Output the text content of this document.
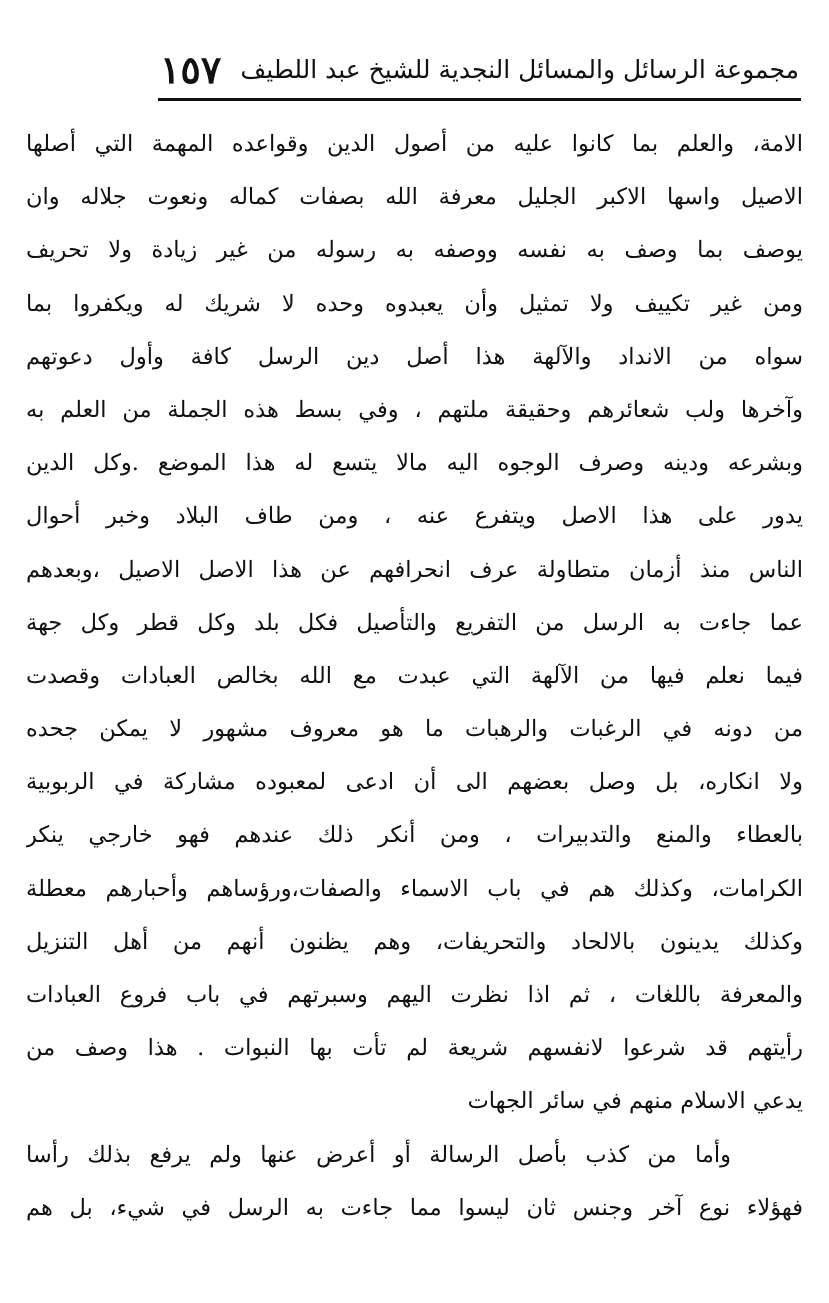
مجموعة الرسائل والمسائل النجدية للشيخ عبد اللطيف
١٥٧
الامة، والعلم بما كانوا عليه من أصول الدين وقواعده المهمة التي أصلها
الاصيل واسها الاكبر الجليل معرفة الله بصفات كماله ونعوت جلاله وان
يوصف بما وصف به نفسه ووصفه به رسوله من غير زيادة ولا تحريف
ومن غير تكييف ولا تمثيل وأن يعبدوه وحده لا شريك له ويكفروا بما
سواه من الانداد والآلهة هذا أصل دين الرسل كافة وأول دعوتهم
وآخرها ولب شعائرهم وحقيقة ملتهم ، وفي بسط هذه الجملة من العلم به
وبشرعه ودينه وصرف الوجوه اليه مالا يتسع له هذا الموضع .وكل الدين
يدور على هذا الاصل ويتفرع عنه ، ومن طاف البلاد وخبر أحوال
الناس منذ أزمان متطاولة عرف انحرافهم عن هذا الاصل الاصيل ،وبعدهم
عما جاءت به الرسل من التفريع والتأصيل فكل بلد وكل قطر وكل جهة
فيما نعلم فيها من الآلهة التي عبدت مع الله بخالص العبادات وقصدت
من دونه في الرغبات والرهبات ما هو معروف مشهور لا يمكن جحده
ولا انكاره، بل وصل بعضهم الى أن ادعى لمعبوده مشاركة في الربوبية
بالعطاء والمنع والتدبيرات ، ومن أنكر ذلك عندهم فهو خارجي ينكر
الكرامات، وكذلك هم في باب الاسماء والصفات،ورؤساهم وأحبارهم معطلة
وكذلك يدينون بالالحاد والتحريفات، وهم يظنون أنهم من أهل التنزيل
والمعرفة باللغات ، ثم اذا نظرت اليهم وسبرتهم في باب فروع العبادات
رأيتهم قد شرعوا لانفسهم شريعة لم تأت بها النبوات . هذا وصف من
يدعي الاسلام منهم في سائر الجهات
وأما من كذب بأصل الرسالة أو أعرض عنها ولم يرفع بذلك رأسا
فهؤلاء نوع آخر وجنس ثان ليسوا مما جاءت به الرسل في شيء، بل هم
